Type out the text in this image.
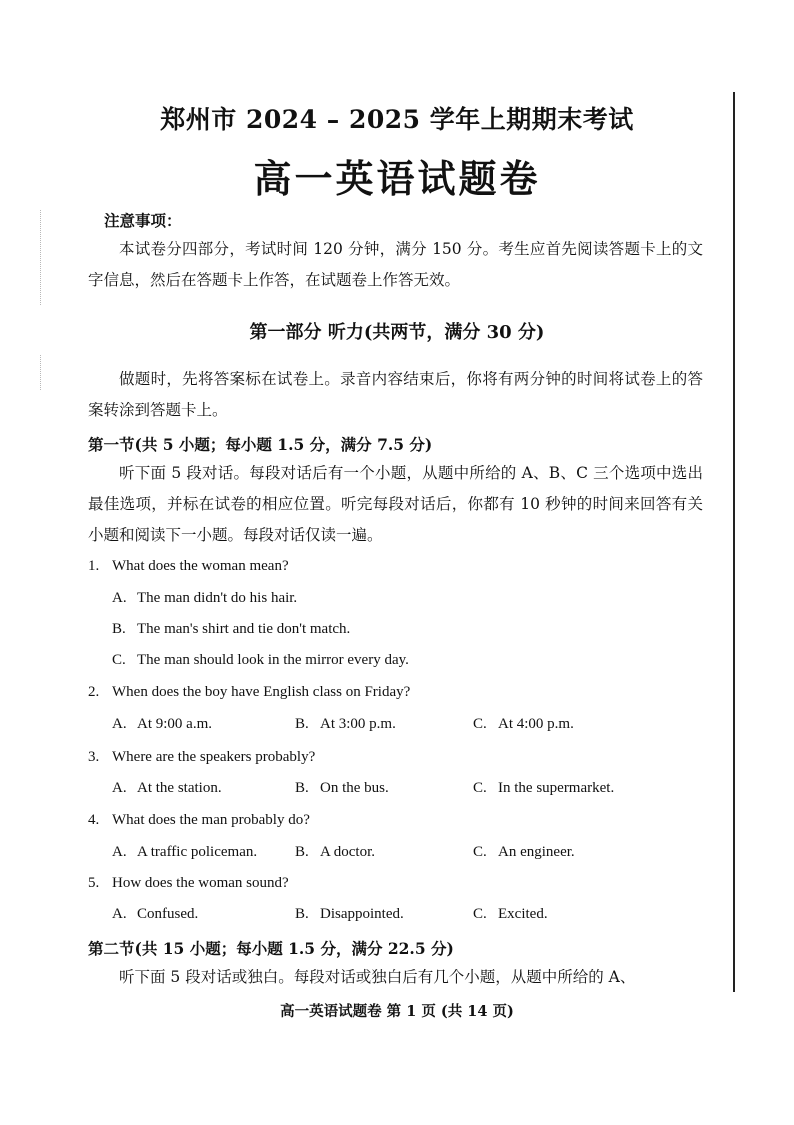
郑州市 2024 – 2025 学年上期期末考试
高一英语试题卷
注意事项：
本试卷分四部分，考试时间 120 分钟，满分 150 分。考生应首先阅读答题卡上的文字信息，然后在答题卡上作答，在试题卷上作答无效。
第一部分 听力(共两节，满分 30 分)
做题时，先将答案标在试卷上。录音内容结束后，你将有两分钟的时间将试卷上的答案转涂到答题卡上。
第一节(共 5 小题；每小题 1.5 分，满分 7.5 分)
听下面 5 段对话。每段对话后有一个小题，从题中所给的 A、B、C 三个选项中选出最佳选项，并标在试卷的相应位置。听完每段对话后，你都有 10 秒钟的时间来回答有关小题和阅读下一小题。每段对话仅读一遍。
1. What does the woman mean?
A. The man didn't do his hair.
B. The man's shirt and tie don't match.
C. The man should look in the mirror every day.
2. When does the boy have English class on Friday?
A. At 9:00 a.m.	B. At 3:00 p.m.	C. At 4:00 p.m.
3. Where are the speakers probably?
A. At the station.	B. On the bus.	C. In the supermarket.
4. What does the man probably do?
A. A traffic policeman.	B. A doctor.	C. An engineer.
5. How does the woman sound?
A. Confused.	B. Disappointed.	C. Excited.
第二节(共 15 小题；每小题 1.5 分，满分 22.5 分)
听下面 5 段对话或独白。每段对话或独白后有几个小题，从题中所给的 A、
高一英语试题卷 第 1 页 (共 14 页)
